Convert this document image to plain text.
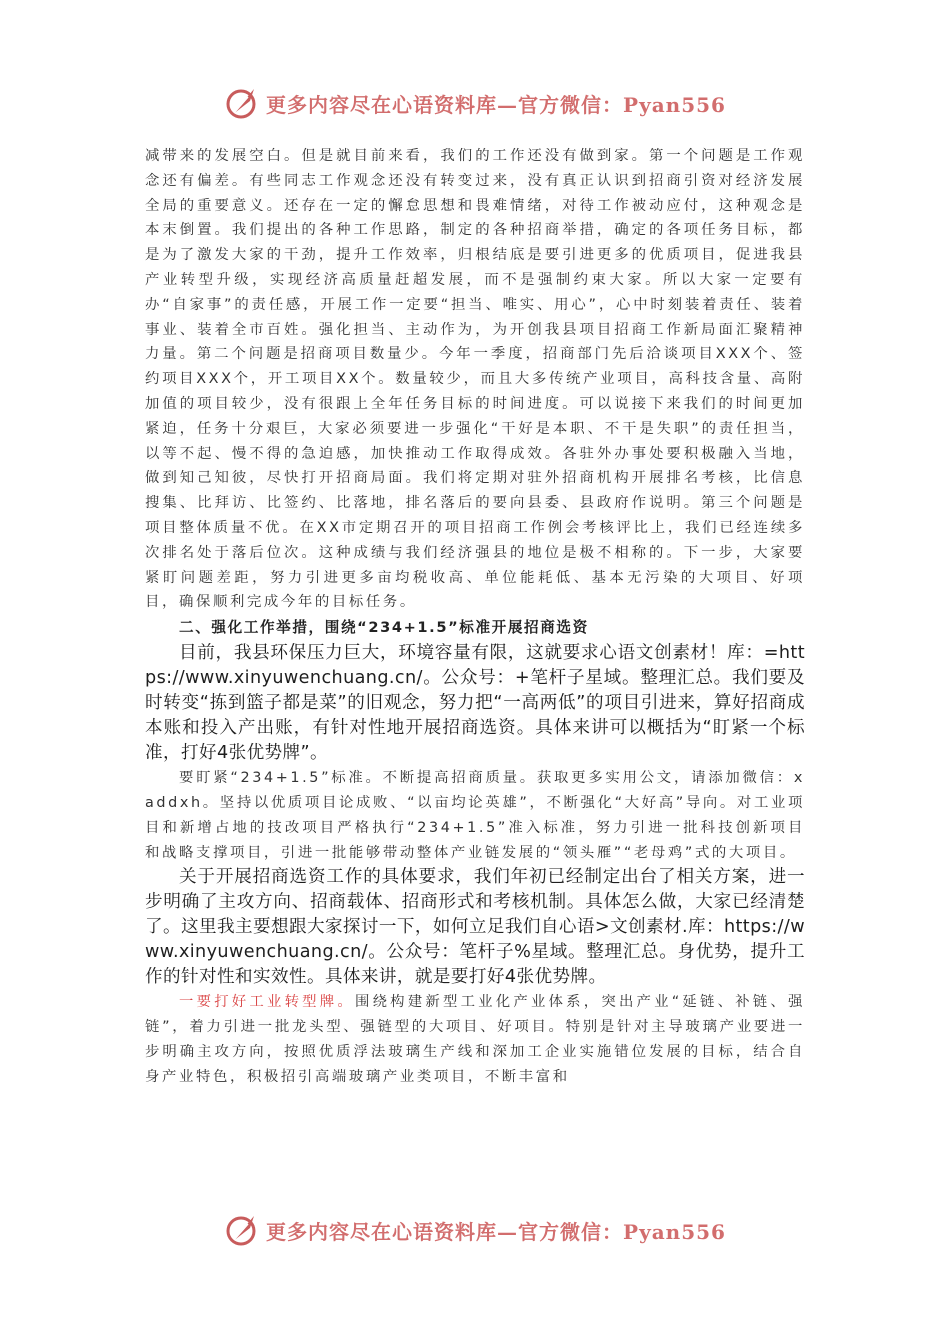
更多内容尽在心语资料库—官方微信：Pyan556

减带来的发展空白。但是就目前来看，我们的工作还没有做到家。第一个问题是工作观念还有偏差。有些同志工作观念还没有转变过来，没有真正认识到招商引资对经济发展全局的重要意义。还存在一定的懈怠思想和畏难情绪，对待工作被动应付，这种观念是本末倒置。我们提出的各种工作思路，制定的各种招商举措，确定的各项任务目标，都是为了激发大家的干劲，提升工作效率，归根结底是要引进更多的优质项目，促进我县产业转型升级，实现经济高质量赶超发展，而不是强制约束大家。所以大家一定要有办“自家事”的责任感，开展工作一定要“担当、唯实、用心”，心中时刻装着责任、装着事业、装着全市百姓。强化担当、主动作为，为开创我县项目招商工作新局面汇聚精神力量。第二个问题是招商项目数量少。今年一季度，招商部门先后洽谈项目XXX个、签约项目XXX个，开工项目XX个。数量较少，而且大多传统产业项目，高科技含量、高附加值的项目较少，没有很跟上全年任务目标的时间进度。可以说接下来我们的时间更加紧迫，任务十分艰巨，大家必须要进一步强化“干好是本职、不干是失职”的责任担当，以等不起、慢不得的急迫感，加快推动工作取得成效。各驻外办事处要积极融入当地，做到知己知彼，尽快打开招商局面。我们将定期对驻外招商机构开展排名考核，比信息搜集、比拜访、比签约、比落地，排名落后的要向县委、县政府作说明。第三个问题是项目整体质量不优。在XX市定期召开的项目招商工作例会考核评比上，我们已经连续多次排名处于落后位次。这种成绩与我们经济强县的地位是极不相称的。下一步，大家要紧盯问题差距，努力引进更多亩均税收高、单位能耗低、基本无污染的大项目、好项目，确保顺利完成今年的目标任务。

二、强化工作举措，围绕“234+1.5”标准开展招商选资

目前，我县环保压力巨大，环境容量有限，这就要求心语文创素材！库：=https://www.xinyuwenchuang.cn/。公众号：+笔杆子星域。整理汇总。我们要及时转变“拣到篮子都是菜”的旧观念，努力把“一高两低”的项目引进来，算好招商成本账和投入产出账，有针对性地开展招商选资。具体来讲可以概括为“盯紧一个标准，打好4张优势牌”。

要盯紧“234+1.5”标准。不断提高招商质量。获取更多实用公文，请添加微信：xaddxh。坚持以优质项目论成败、“以亩均论英雄”，不断强化“大好高”导向。对工业项目和新增占地的技改项目严格执行“234+1.5”准入标准，努力引进一批科技创新项目和战略支撑项目，引进一批能够带动整体产业链发展的“领头雁”“老母鸡”式的大项目。

关于开展招商选资工作的具体要求，我们年初已经制定出台了相关方案，进一步明确了主攻方向、招商载体、招商形式和考核机制。具体怎么做，大家已经清楚了。这里我主要想跟大家探讨一下，如何立足我们自心语>文创素材.库：https://www.xinyuwenchuang.cn/。公众号：笔杆子%星域。整理汇总。身优势，提升工作的针对性和实效性。具体来讲，就是要打好4张优势牌。

一要打好工业转型牌。围绕构建新型工业化产业体系，突出产业“延链、补链、强链”，着力引进一批龙头型、强链型的大项目、好项目。特别是针对主导玻璃产业要进一步明确主攻方向，按照优质浮法玻璃生产线和深加工企业实施错位发展的目标，结合自身产业特色，积极招引高端玻璃产业类项目，不断丰富和

更多内容尽在心语资料库—官方微信：Pyan556
